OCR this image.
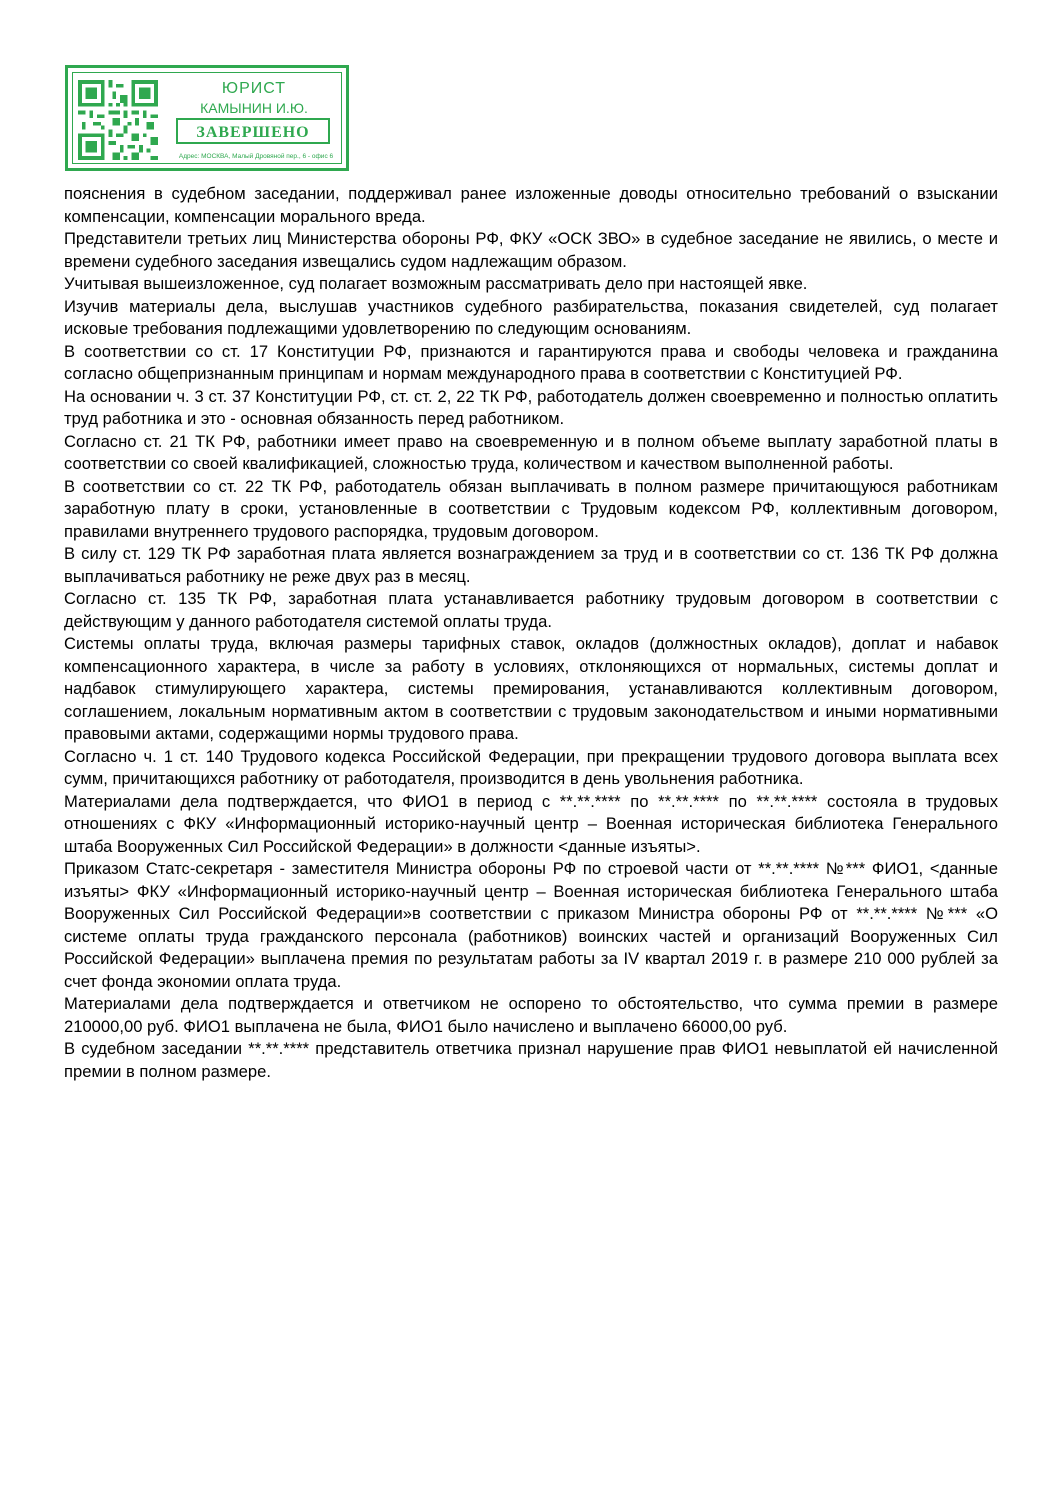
ЮРИСТ
КАМЫНИН И.Ю.
ЗАВЕРШЕНО
Адрес: МОСКВА, Малый Дровяной пер., 6 - офис 6

пояснения в судебном заседании, поддерживал ранее изложенные доводы относительно требований о взыскании компенсации, компенсации морального вреда.

Представители третьих лиц Министерства обороны РФ, ФКУ «ОСК ЗВО» в судебное заседание не явились, о месте и времени судебного заседания извещались судом надлежащим образом.

Учитывая вышеизложенное, суд полагает возможным рассматривать дело при настоящей явке.

Изучив материалы дела, выслушав участников судебного разбирательства, показания свидетелей, суд полагает исковые требования подлежащими удовлетворению по следующим основаниям.

В соответствии со ст. 17 Конституции РФ, признаются и гарантируются права и свободы человека и гражданина согласно общепризнанным принципам и нормам международного права в соответствии с Конституцией РФ.

На основании ч. 3 ст. 37 Конституции РФ, ст. ст. 2, 22 ТК РФ, работодатель должен своевременно и полностью оплатить труд работника и это - основная обязанность перед работником.

Согласно ст. 21 ТК РФ, работники имеет право на своевременную и в полном объеме выплату заработной платы в соответствии со своей квалификацией, сложностью труда, количеством и качеством выполненной работы.

В соответствии со ст. 22 ТК РФ, работодатель обязан выплачивать в полном размере причитающуюся работникам заработную плату в сроки, установленные в соответствии с Трудовым кодексом РФ, коллективным договором, правилами внутреннего трудового распорядка, трудовым договором.

В силу ст. 129 ТК РФ заработная плата является вознаграждением за труд и в соответствии со ст. 136 ТК РФ должна выплачиваться работнику не реже двух раз в месяц.

Согласно ст. 135 ТК РФ, заработная плата устанавливается работнику трудовым договором в соответствии с действующим у данного работодателя системой оплаты труда.

Системы оплаты труда, включая размеры тарифных ставок, окладов (должностных окладов), доплат и набавок компенсационного характера, в числе за работу в условиях, отклоняющихся от нормальных, системы доплат и надбавок стимулирующего характера, системы премирования, устанавливаются коллективным договором, соглашением, локальным нормативным актом в соответствии с трудовым законодательством и иными нормативными правовыми актами, содержащими нормы трудового права.

Согласно ч. 1 ст. 140 Трудового кодекса Российской Федерации, при прекращении трудового договора выплата всех сумм, причитающихся работнику от работодателя, производится в день увольнения работника.

Материалами дела подтверждается, что ФИО1 в период с **.**.**** по **.**.**** по **.**.**** состояла в трудовых отношениях с ФКУ «Информационный историко-научный центр – Военная историческая библиотека Генерального штаба Вооруженных Сил Российской Федерации» в должности <данные изъяты>.

Приказом Статс-секретаря - заместителя Министра обороны РФ по строевой части от **.**.**** №*** ФИО1, <данные изъяты> ФКУ «Информационный историко-научный центр – Военная историческая библиотека Генерального штаба Вооруженных Сил Российской Федерации»в соответствии с приказом Министра обороны РФ от **.**.**** №*** «О системе оплаты труда гражданского персонала (работников) воинских частей и организаций Вооруженных Сил Российской Федерации» выплачена премия по результатам работы за IV квартал 2019 г. в размере 210 000 рублей за счет фонда экономии оплата труда.

Материалами дела подтверждается и ответчиком не оспорено то обстоятельство, что сумма премии в размере 210000,00 руб. ФИО1 выплачена не была, ФИО1 было начислено и выплачено 66000,00 руб.

В судебном заседании **.**.**** представитель ответчика признал нарушение прав ФИО1 невыплатой ей начисленной премии в полном размере.
